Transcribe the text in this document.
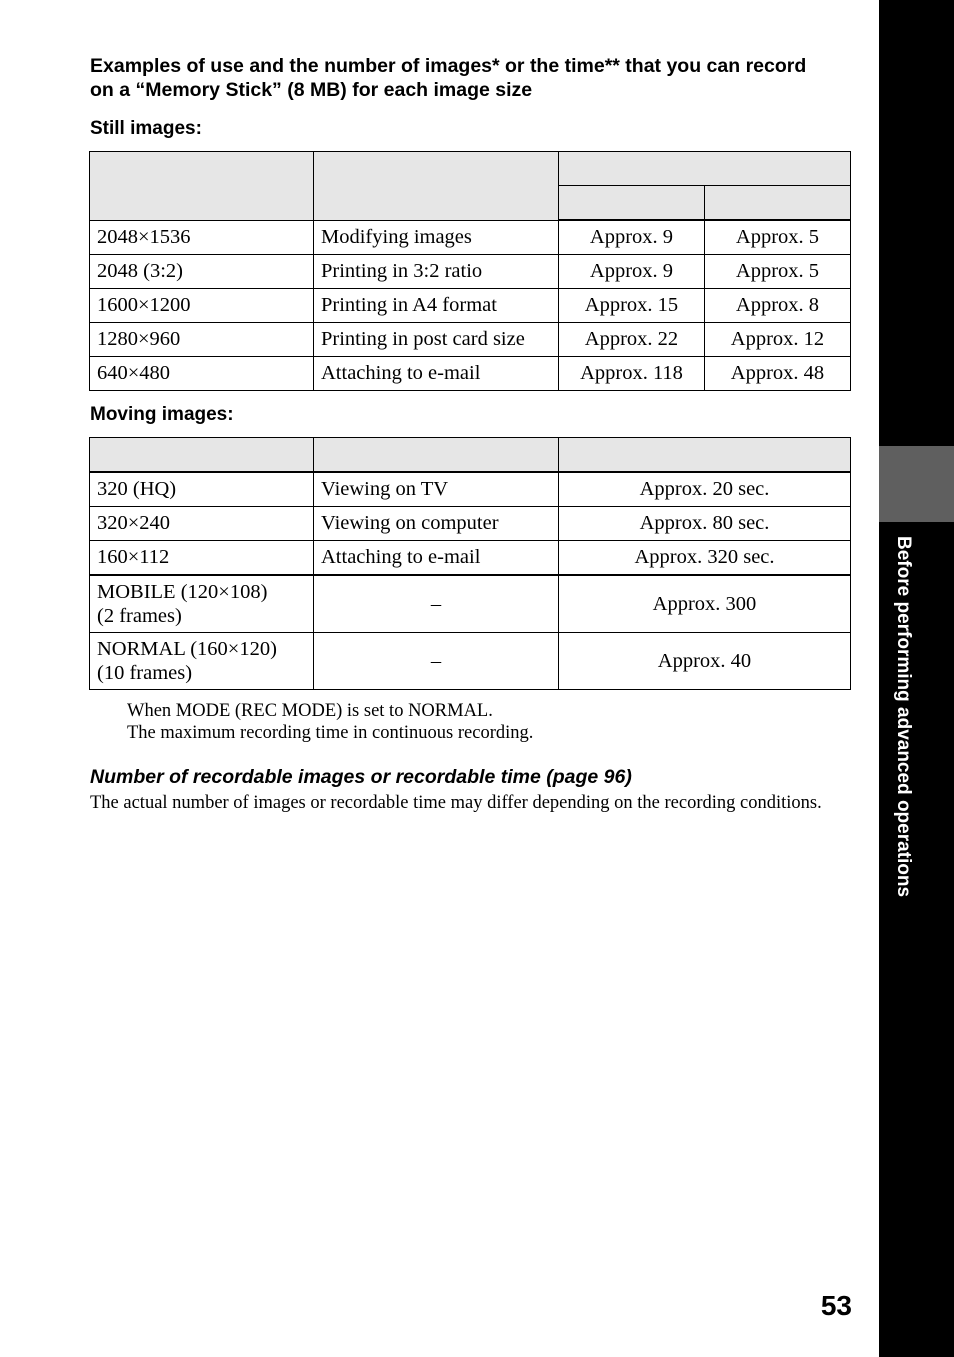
Examples of use and the number of images* or the time** that you can record on a “Memory Stick” (8 MB) for each image size
Still images:

2048×1536	Modifying images	Approx. 9	Approx. 5
2048 (3:2)	Printing in 3:2 ratio	Approx. 9	Approx. 5
1600×1200	Printing in A4 format	Approx. 15	Approx. 8
1280×960	Printing in post card size	Approx. 22	Approx. 12
640×480	Attaching to e-mail	Approx. 118	Approx. 48
Moving images:

320 (HQ)	Viewing on TV	Approx. 20 sec.
320×240	Viewing on computer	Approx. 80 sec.
160×112	Attaching to e-mail	Approx. 320 sec.
MOBILE (120×108)
(2 frames)	–	Approx. 300
NORMAL (160×120)
(10 frames)	–	Approx. 40
When MODE (REC MODE) is set to NORMAL.
The maximum recording time in continuous recording.
Number of recordable images or recordable time (page 96)
The actual number of images or recordable time may differ depending on the recording conditions.	Before performing advanced operations
53
